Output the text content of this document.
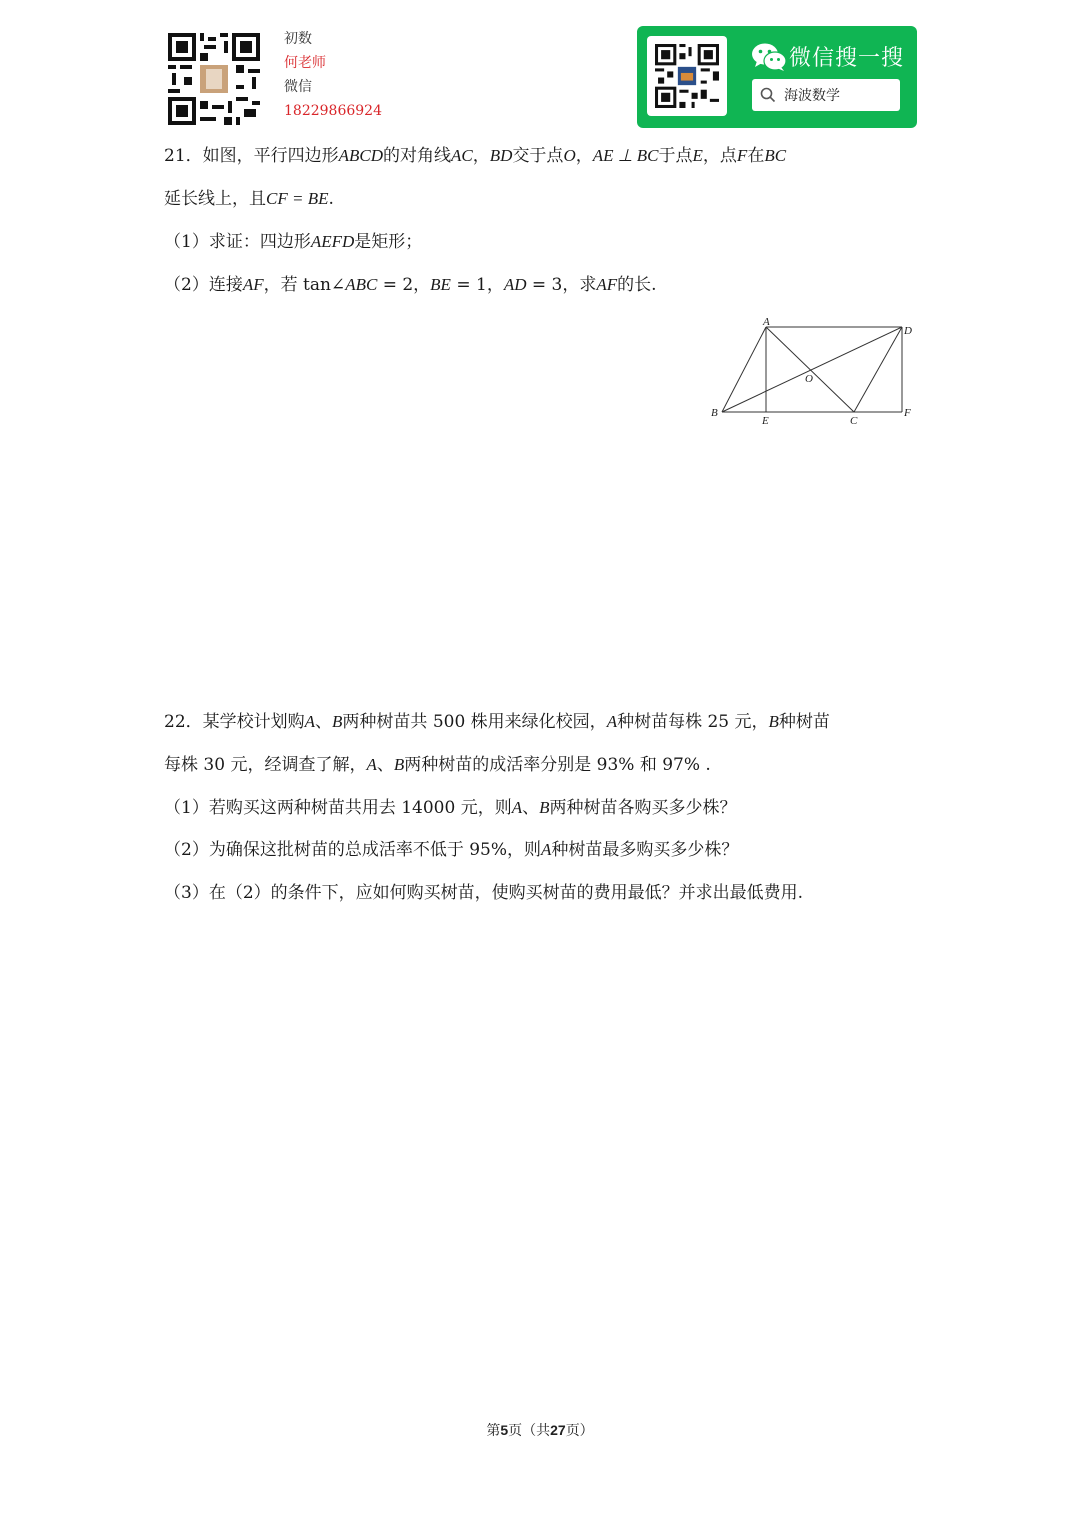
初数
何老师
微信
18229866924
微信搜一搜
海波数学
21．如图，平行四边形ABCD的对角线AC，BD交于点O，AE ⊥ BC于点E，点F在BC
延长线上，且CF = BE.
（1）求证：四边形AEFD是矩形；
（2）连接AF，若 tan∠ABC = 2，BE = 1，AD = 3，求AF的长.
A
B
C
D
E
F
O
22．某学校计划购A、B两种树苗共 500 株用来绿化校园，A种树苗每株 25 元，B种树苗
每株 30 元，经调查了解，A、B两种树苗的成活率分别是 93% 和 97% .
（1）若购买这两种树苗共用去 14000 元，则A、B两种树苗各购买多少株？
（2）为确保这批树苗的总成活率不低于 95%，则A种树苗最多购买多少株？
（3）在（2）的条件下，应如何购买树苗，使购买树苗的费用最低？并求出最低费用.
第5页（共27页）
